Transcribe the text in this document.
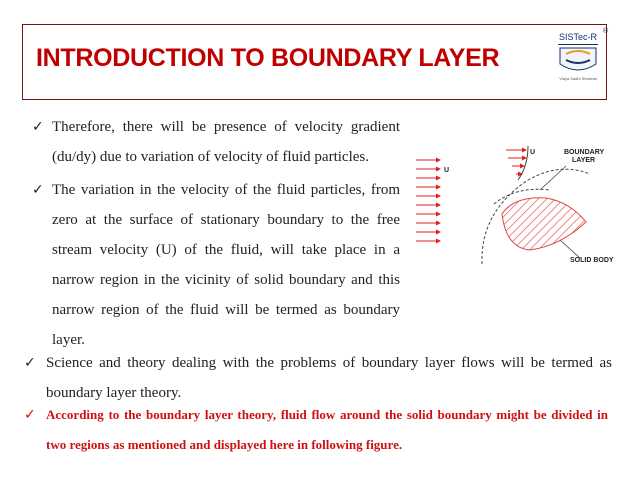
INTRODUCTION TO BOUNDARY LAYER
SISTec-R
Vidya Sadhi Sharmat
®
✓ Therefore, there will be presence of velocity gradient (du/dy) due to variation of velocity of fluid particles.
✓ The variation in the velocity of the fluid particles, from zero at the surface of stationary boundary to the free stream velocity (U) of the fluid, will take place in a narrow region in the vicinity of solid boundary and this narrow region of the fluid will be termed as boundary layer.
✓ Science and theory dealing with the problems of boundary layer flows will be termed as boundary layer theory.
✓ According to the boundary layer theory, fluid flow around the solid boundary might be divided in two regions as mentioned and displayed here in following figure.
U
U	BOUNDARY
LAYER
SOLID BODY
